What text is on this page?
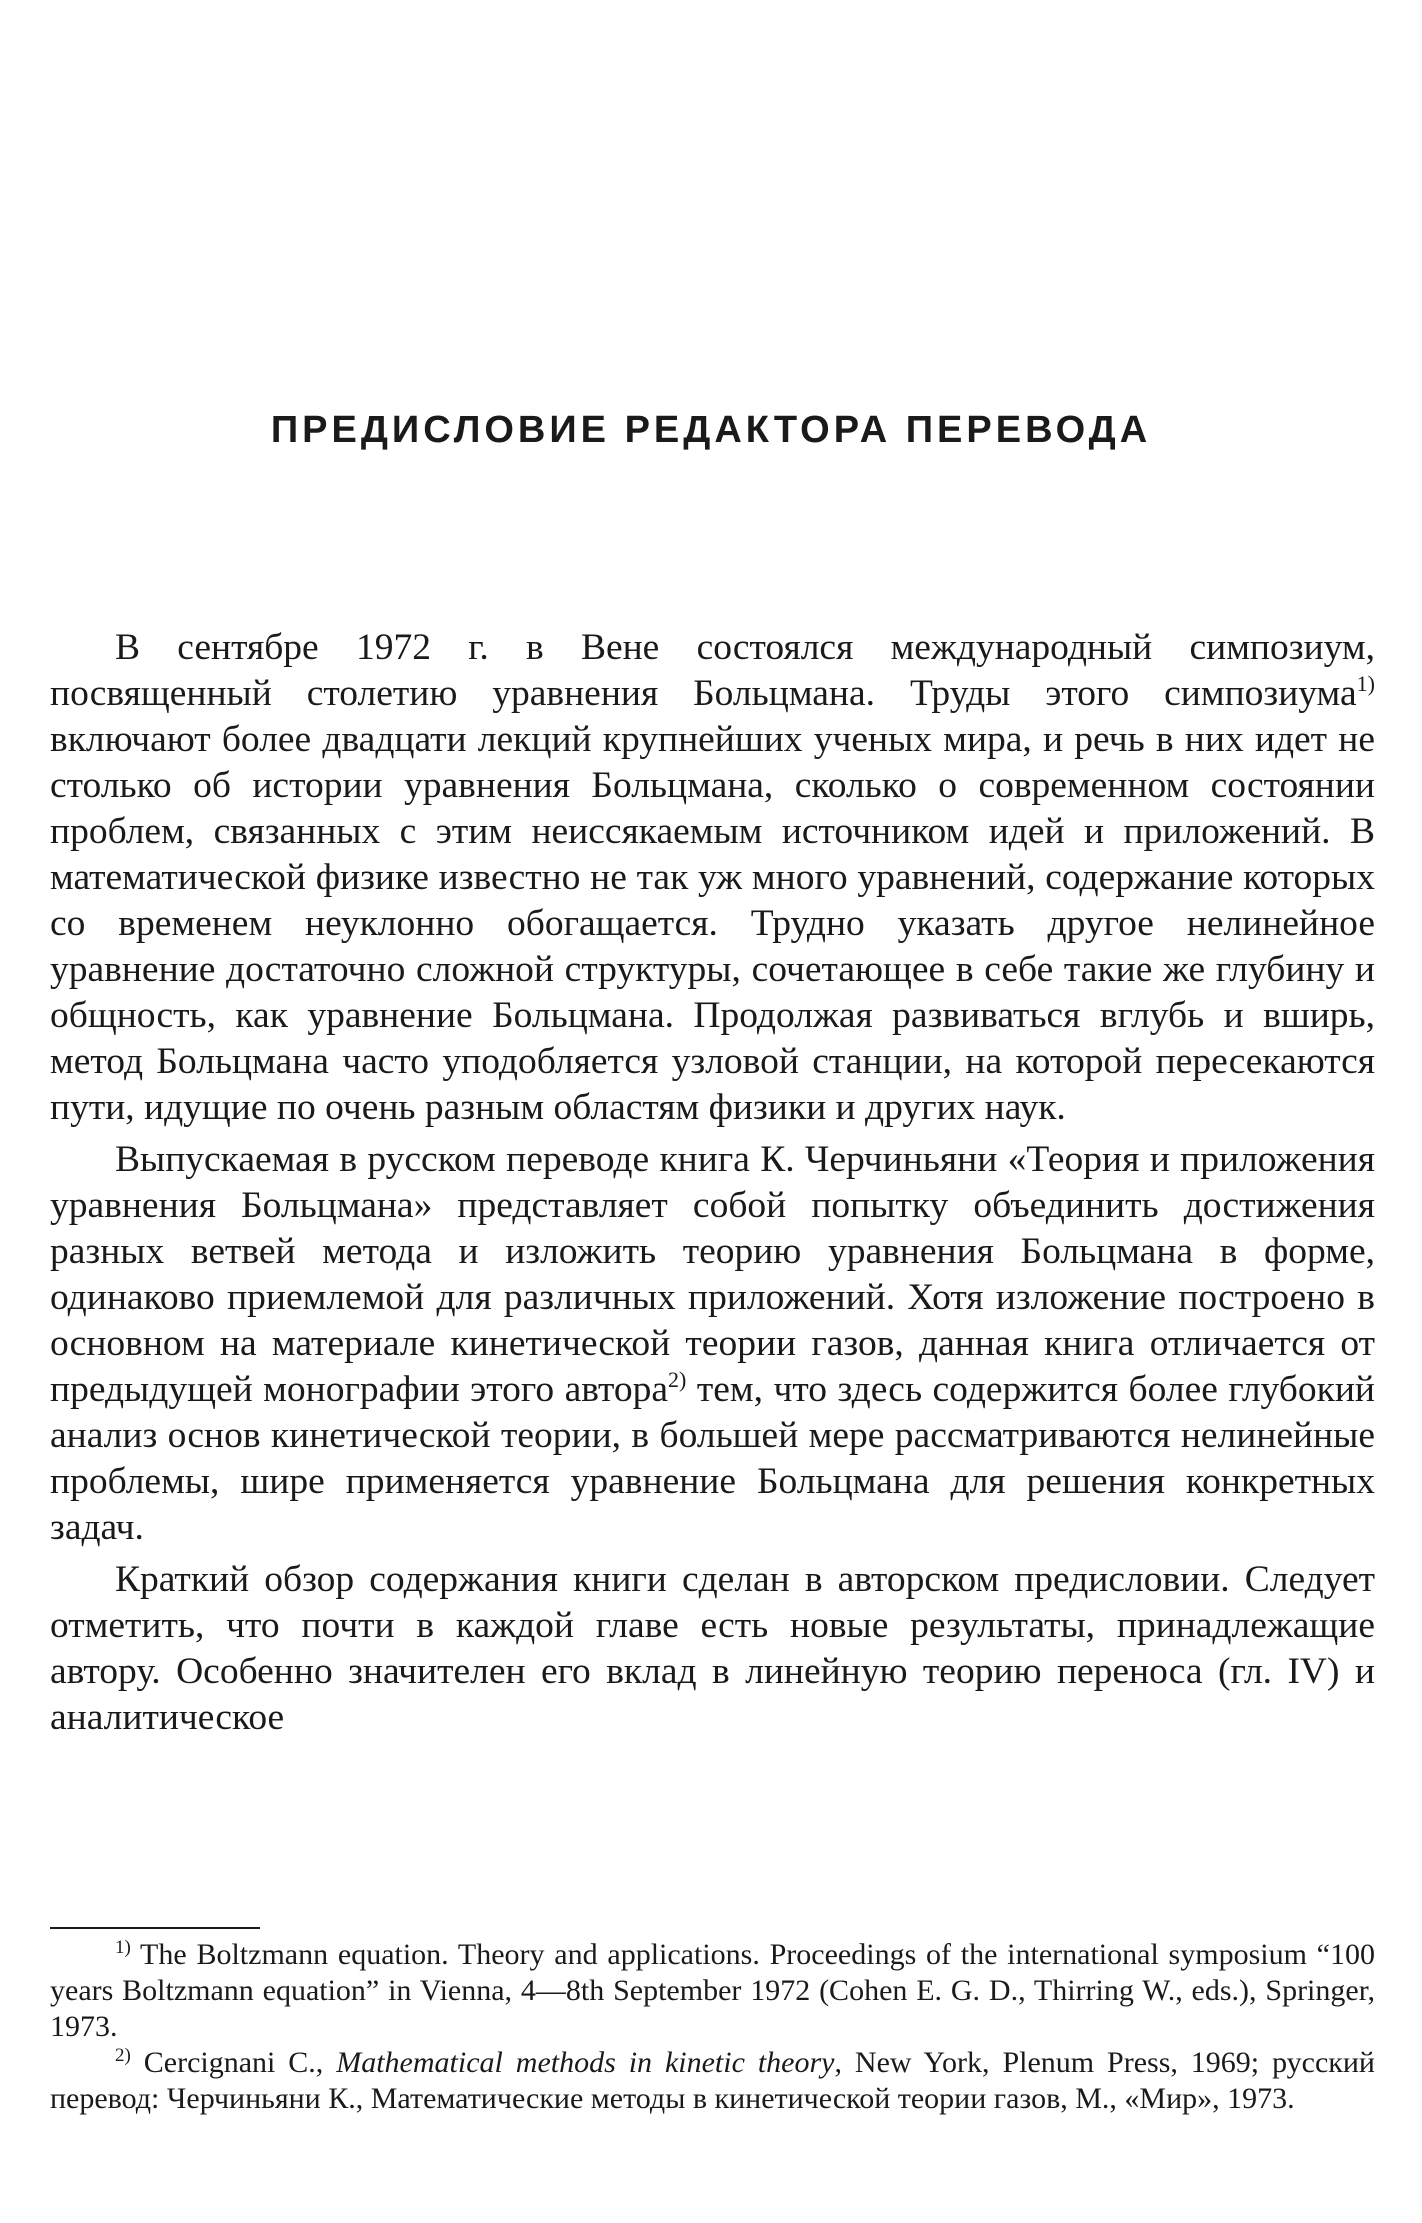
ПРЕДИСЛОВИЕ РЕДАКТОРА ПЕРЕВОДА

В сентябре 1972 г. в Вене состоялся международный симпозиум, посвященный столетию уравнения Больцмана. Труды этого симпозиума$^{1)}$ включают более двадцати лекций крупнейших ученых мира, и речь в них идет не столько об истории уравнения Больцмана, сколько о современном состоянии проблем, связанных с этим неиссякаемым источником идей и приложений. В математической физике известно не так уж много уравнений, содержание которых со временем неуклонно обогащается. Трудно указать другое нелинейное уравнение достаточно сложной структуры, сочетающее в себе такие же глубину и общность, как уравнение Больцмана. Продолжая развиваться вглубь и вширь, метод Больцмана часто уподобляется узловой станции, на которой пересекаются пути, идущие по очень разным областям физики и других наук.

Выпускаемая в русском переводе книга К. Черчиньяни «Теория и приложения уравнения Больцмана» представляет собой попытку объединить достижения разных ветвей метода и изложить теорию уравнения Больцмана в форме, одинаково приемлемой для различных приложений. Хотя изложение построено в основном на материале кинетической теории газов, данная книга отличается от предыдущей монографии этого автора$^{2)}$ тем, что здесь содержится более глубокий анализ основ кинетической теории, в большей мере рассматриваются нелинейные проблемы, шире применяется уравнение Больцмана для решения конкретных задач.

Краткий обзор содержания книги сделан в авторском предисловии. Следует отметить, что почти в каждой главе есть новые результаты, принадлежащие автору. Особенно значителен его вклад в линейную теорию переноса (гл. IV) и аналитическое

$^{1)}$ The Boltzmann equation. Theory and applications. Proceedings of the international symposium “100 years Boltzmann equation” in Vienna, 4—8th September 1972 (Cohen E. G. D., Thirring W., eds.), Springer, 1973.

$^{2)}$ Cercignani C., Mathematical methods in kinetic theory, New York, Plenum Press, 1969; русский перевод: Черчиньяни К., Математические методы в кинетической теории газов, М., «Мир», 1973.
